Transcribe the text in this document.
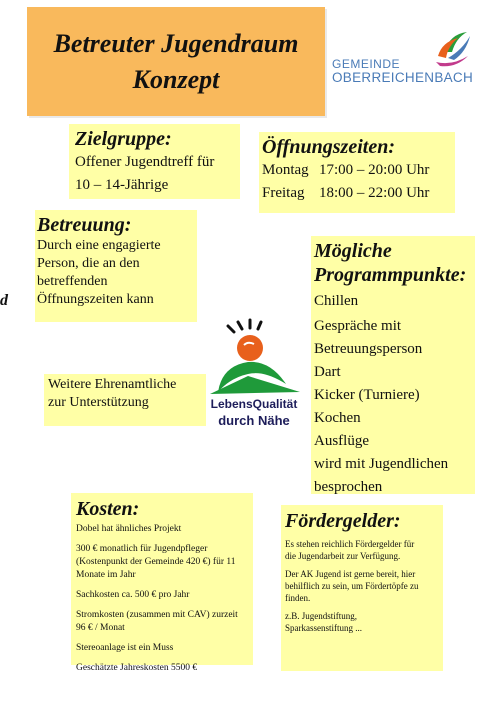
Betreuter Jugendraum
Konzept
GEMEINDE
OBERREICHENBACH
d
Zielgruppe:
Offener Jugendtreff für
10 – 14-Jährige
Öffnungszeiten:
Montag 17:00 – 20:00 Uhr
Freitag 18:00 – 22:00 Uhr
Betreuung:
Durch eine engagierte
Person, die an den
betreffenden
Öffnungszeiten kann
Mögliche
Programmpunkte:
Chillen
Gespräche mit
Betreuungsperson
Dart
Kicker (Turniere)
Kochen
Ausflüge
wird mit Jugendlichen
besprochen
Weitere Ehrenamtliche
zur Unterstützung	LebensQualität
durch Nähe
Kosten:
Dobel hat ähnliches Projekt
300 € monatlich für Jugendpfleger
(Kostenpunkt der Gemeinde 420 €) für 11
Monate im Jahr
Sachkosten ca. 500 € pro Jahr
Stromkosten (zusammen mit CAV) zurzeit
96 € / Monat
Stereoanlage ist ein Muss
Geschätzte Jahreskosten 5500 €
Fördergelder:
Es stehen reichlich Fördergelder für
die Jugendarbeit zur Verfügung.
Der AK Jugend ist gerne bereit, hier
behilflich zu sein, um Fördertöpfe zu
finden.
z.B. Jugendstiftung,
Sparkassenstiftung ...
